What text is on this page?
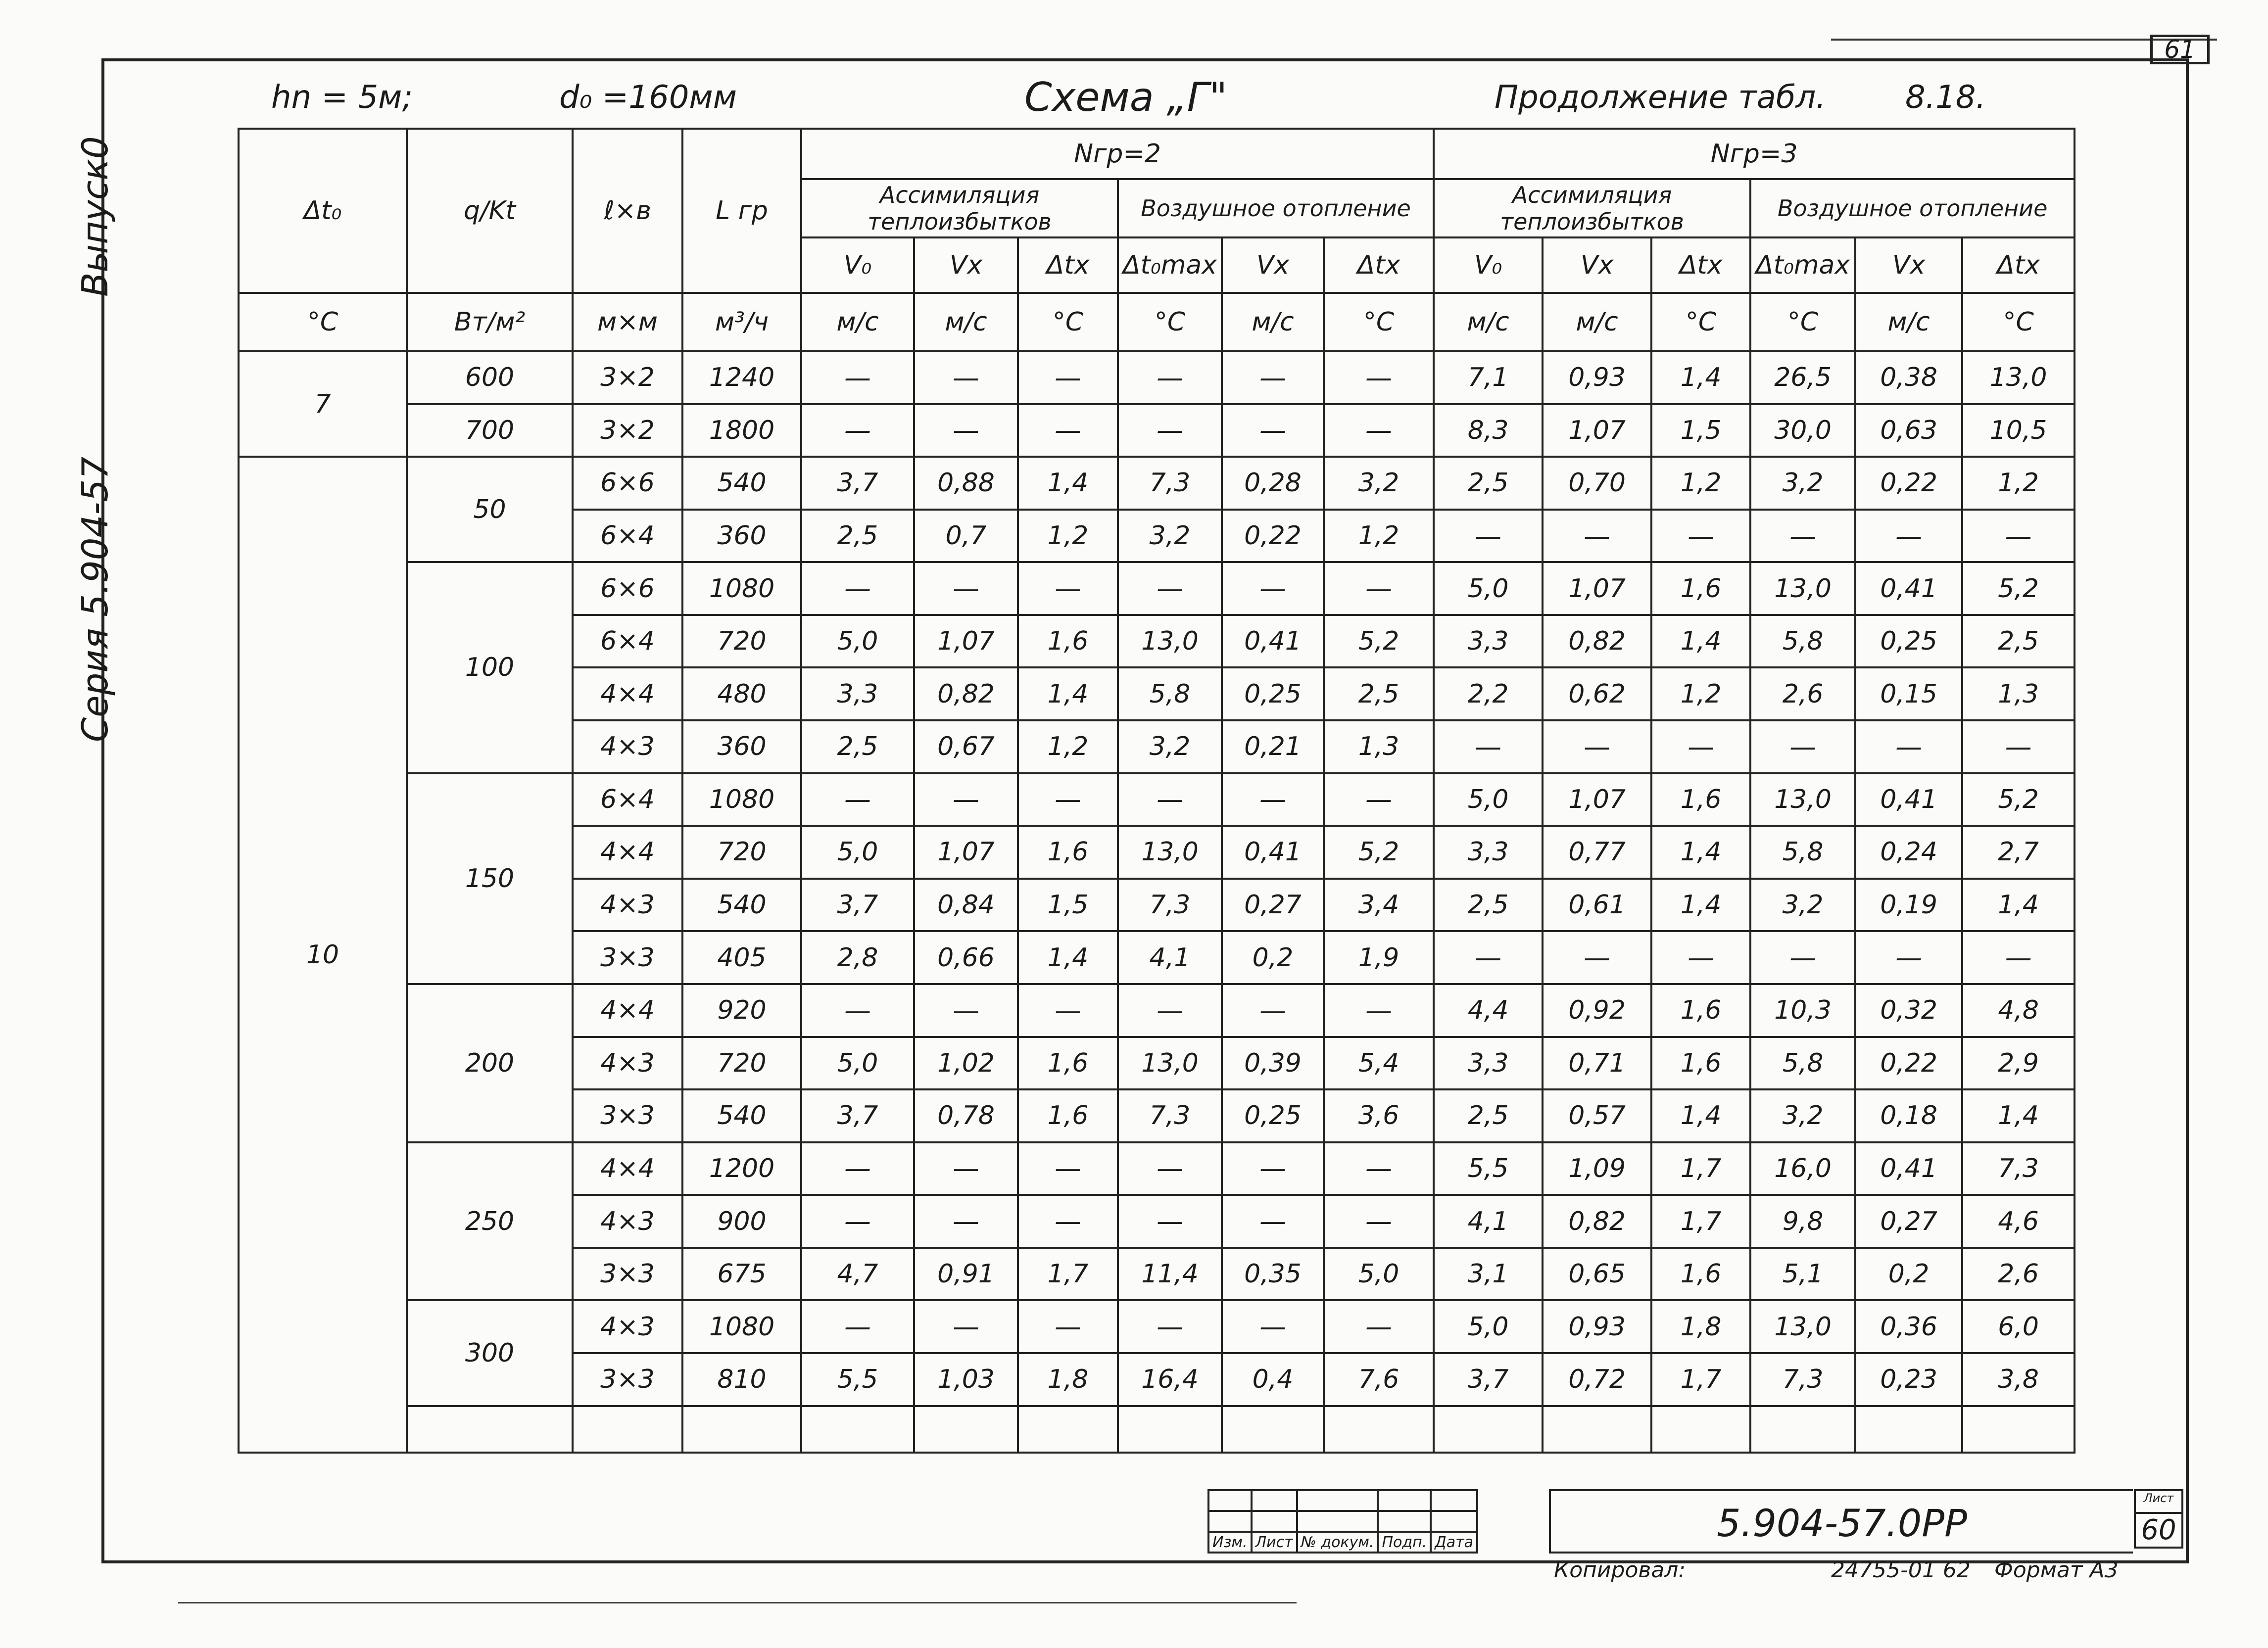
61
Выпуск0
Серия 5.904-57
hn = 5м;	d₀ =160мм	Схема „Г"	Продолжение табл.	8.18.
Δt₀	q/Kt	ℓ×в	L гр	Nгр=2						Nгр=3					
				Ассимиляция теплоизбытков			Воздушное отопление			Ассимиляция теплоизбытков			Воздушное отопление		
				V₀	Vx	Δtx	Δt₀max	Vx	Δtx	V₀	Vx	Δtx	Δt₀max	Vx	Δtx
°C	Вт/м²	м×м	м³/ч	м/с	м/с	°C	°C	м/с	°C	м/с	м/с	°C	°C	м/с	°C
7	600	3×2	1240	—	—	—	—	—	—	7,1	0,93	1,4	26,5	0,38	13,0
	700	3×2	1800	—	—	—	—	—	—	8,3	1,07	1,5	30,0	0,63	10,5
10	50	6×6	540	3,7	0,88	1,4	7,3	0,28	3,2	2,5	0,70	1,2	3,2	0,22	1,2
		6×4	360	2,5	0,7	1,2	3,2	0,22	1,2	—	—	—	—	—	—
	100	6×6	1080	—	—	—	—	—	—	5,0	1,07	1,6	13,0	0,41	5,2
		6×4	720	5,0	1,07	1,6	13,0	0,41	5,2	3,3	0,82	1,4	5,8	0,25	2,5
		4×4	480	3,3	0,82	1,4	5,8	0,25	2,5	2,2	0,62	1,2	2,6	0,15	1,3
		4×3	360	2,5	0,67	1,2	3,2	0,21	1,3	—	—	—	—	—	—
	150	6×4	1080	—	—	—	—	—	—	5,0	1,07	1,6	13,0	0,41	5,2
		4×4	720	5,0	1,07	1,6	13,0	0,41	5,2	3,3	0,77	1,4	5,8	0,24	2,7
		4×3	540	3,7	0,84	1,5	7,3	0,27	3,4	2,5	0,61	1,4	3,2	0,19	1,4
		3×3	405	2,8	0,66	1,4	4,1	0,2	1,9	—	—	—	—	—	—
	200	4×4	920	—	—	—	—	—	—	4,4	0,92	1,6	10,3	0,32	4,8
		4×3	720	5,0	1,02	1,6	13,0	0,39	5,4	3,3	0,71	1,6	5,8	0,22	2,9
		3×3	540	3,7	0,78	1,6	7,3	0,25	3,6	2,5	0,57	1,4	3,2	0,18	1,4
	250	4×4	1200	—	—	—	—	—	—	5,5	1,09	1,7	16,0	0,41	7,3
		4×3	900	—	—	—	—	—	—	4,1	0,82	1,7	9,8	0,27	4,6
		3×3	675	4,7	0,91	1,7	11,4	0,35	5,0	3,1	0,65	1,6	5,1	0,2	2,6
	300	4×3	1080	—	—	—	—	—	—	5,0	0,93	1,8	13,0	0,36	6,0
		3×3	810	5,5	1,03	1,8	16,4	0,4	7,6	3,7	0,72	1,7	7,3	0,23	3,8

Изм.	Лист	№ докум.	Подп.	Дата	5.904-57.0РР
Лист
60
Копировал:	24755-01 62 Формат А3
